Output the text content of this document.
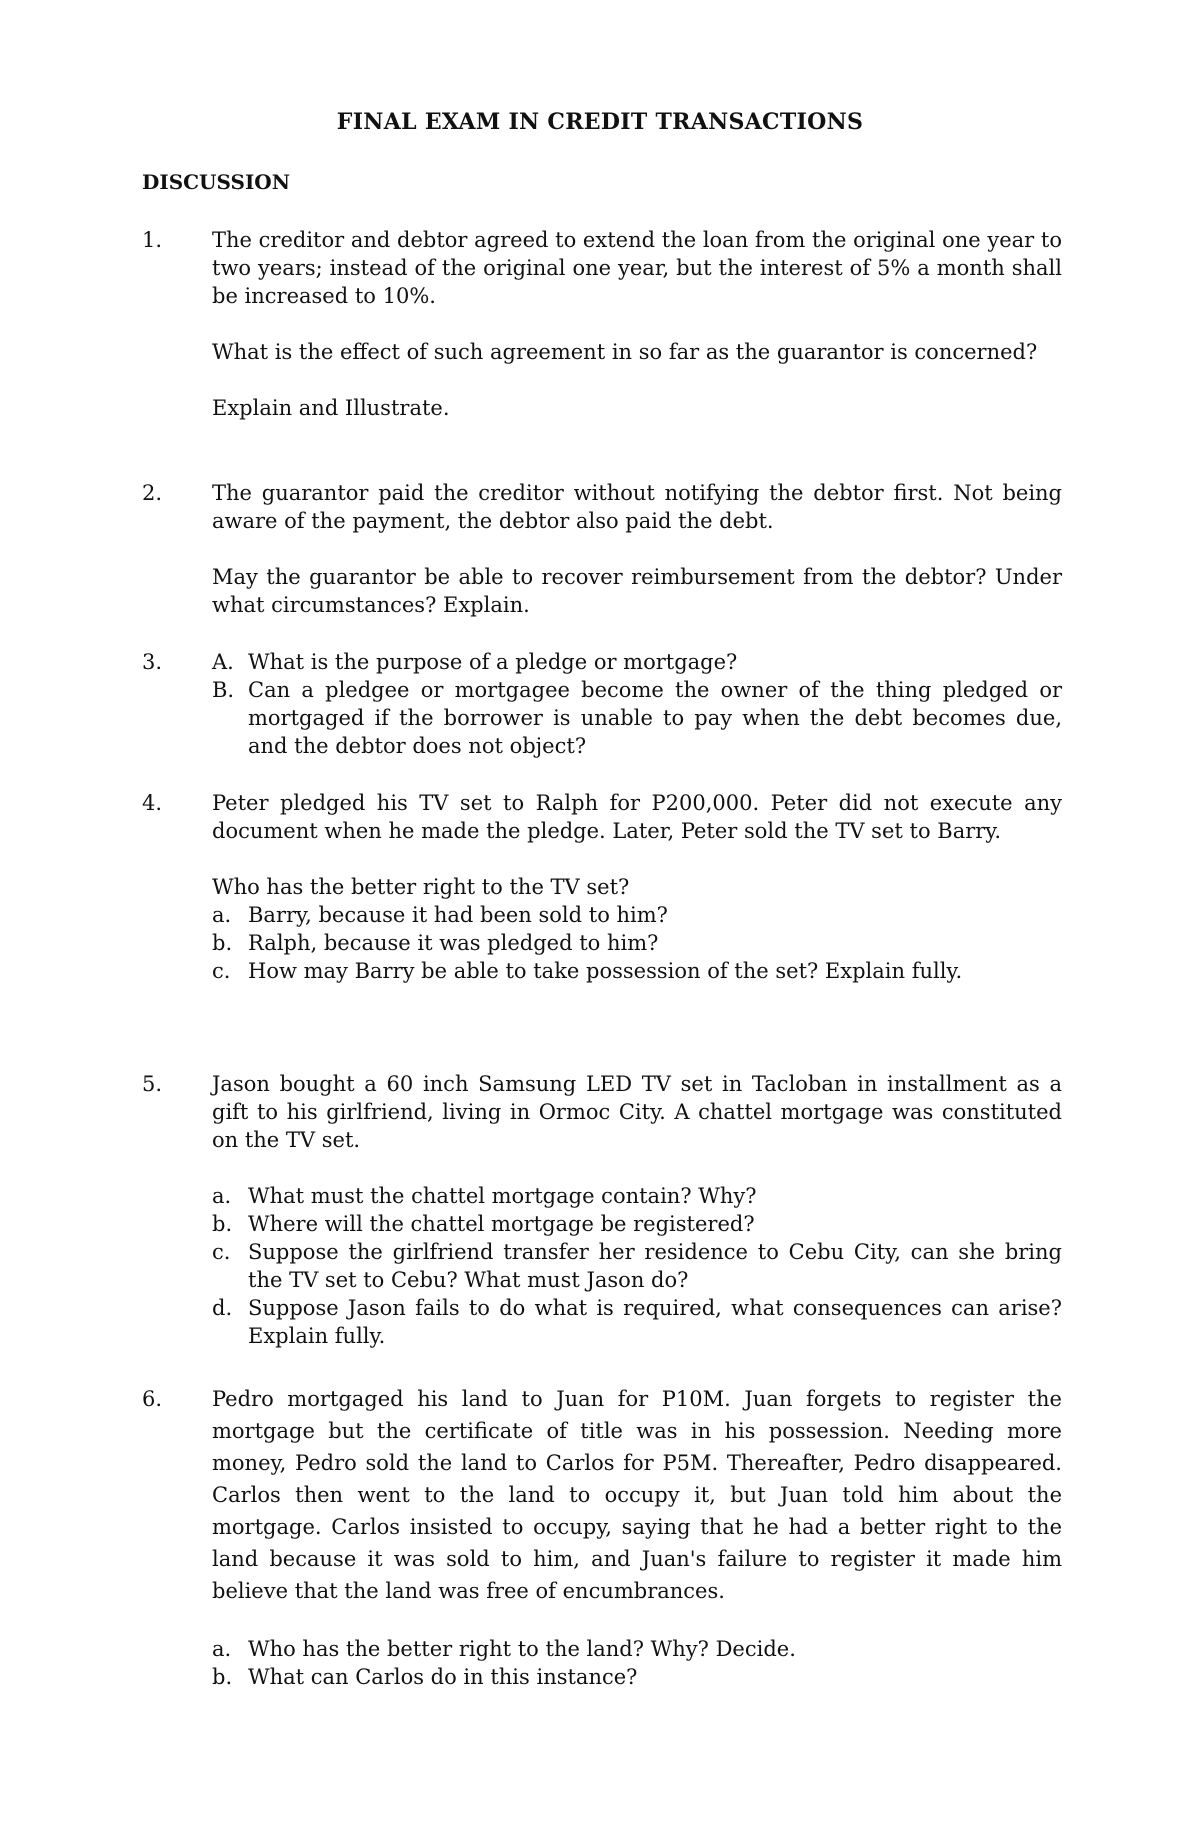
FINAL EXAM IN CREDIT TRANSACTIONS
DISCUSSION
1.	The creditor and debtor agreed to extend the loan from the original one year to two years; instead of the original one year, but the interest of 5% a month shall be increased to 10%.

What is the effect of such agreement in so far as the guarantor is concerned?

Explain and Illustrate.

2.	The guarantor paid the creditor without notifying the debtor first. Not being aware of the payment, the debtor also paid the debt.

May the guarantor be able to recover reimbursement from the debtor? Under what circumstances? Explain.

3.	A. What is the purpose of a pledge or mortgage?
B. Can a pledgee or mortgagee become the owner of the thing pledged or mortgaged if the borrower is unable to pay when the debt becomes due, and the debtor does not object?
4.	Peter pledged his TV set to Ralph for P200,000. Peter did not execute any document when he made the pledge. Later, Peter sold the TV set to Barry.

Who has the better right to the TV set?
a. Barry, because it had been sold to him?
b. Ralph, because it was pledged to him?
c. How may Barry be able to take possession of the set? Explain fully.
5.	Jason bought a 60 inch Samsung LED TV set in Tacloban in installment as a gift to his girlfriend, living in Ormoc City. A chattel mortgage was constituted on the TV set.

a. What must the chattel mortgage contain? Why?
b. Where will the chattel mortgage be registered?
c. Suppose the girlfriend transfer her residence to Cebu City, can she bring the TV set to Cebu? What must Jason do?
d. Suppose Jason fails to do what is required, what consequences can arise? Explain fully.
6.	Pedro mortgaged his land to Juan for P10M. Juan forgets to register the mortgage but the certificate of title was in his possession. Needing more money, Pedro sold the land to Carlos for P5M. Thereafter, Pedro disappeared. Carlos then went to the land to occupy it, but Juan told him about the mortgage. Carlos insisted to occupy, saying that he had a better right to the land because it was sold to him, and Juan's failure to register it made him believe that the land was free of encumbrances.

a. Who has the better right to the land? Why? Decide.
b. What can Carlos do in this instance?
